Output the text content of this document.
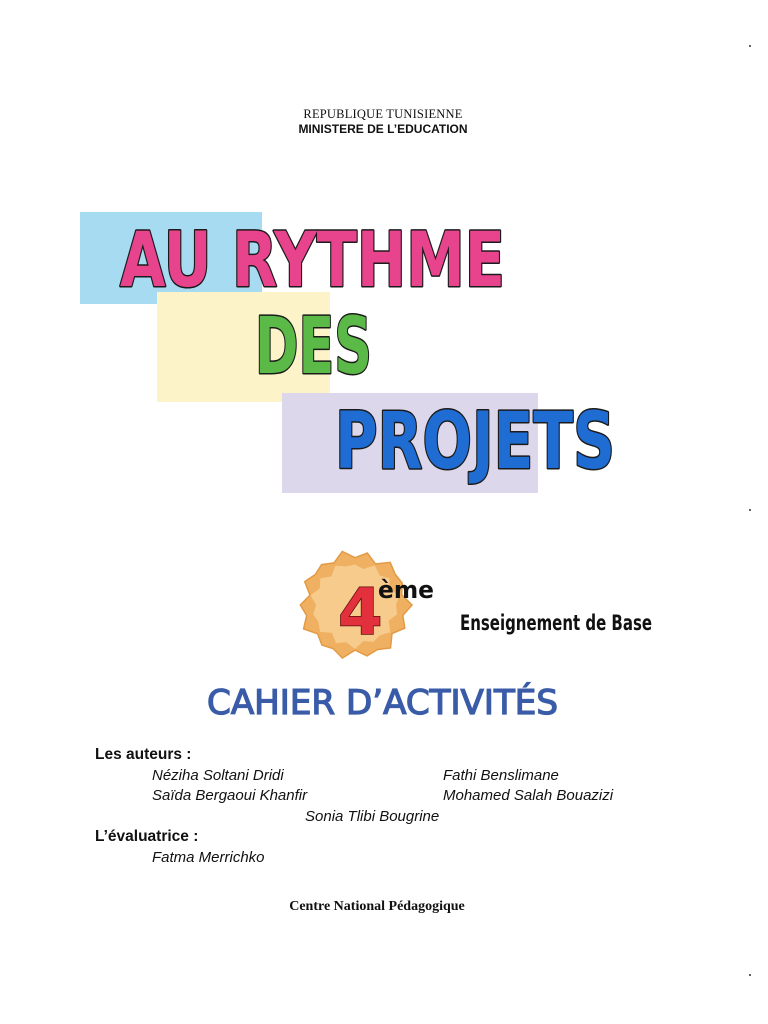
AU RYTHME
DES
PROJETS
4
ème
Enseignement de Base
CAHIER D’ACTIVITÉS
REPUBLIQUE TUNISIENNE
MINISTERE DE L’EDUCATION
Les auteurs :
Néziha Soltani Dridi	Fathi Benslimane
Saïda Bergaoui Khanfir	Mohamed Salah Bouazizi
Sonia Tlibi Bougrine
L’évaluatrice :
Fatma Merrichko
Centre National Pédagogique
